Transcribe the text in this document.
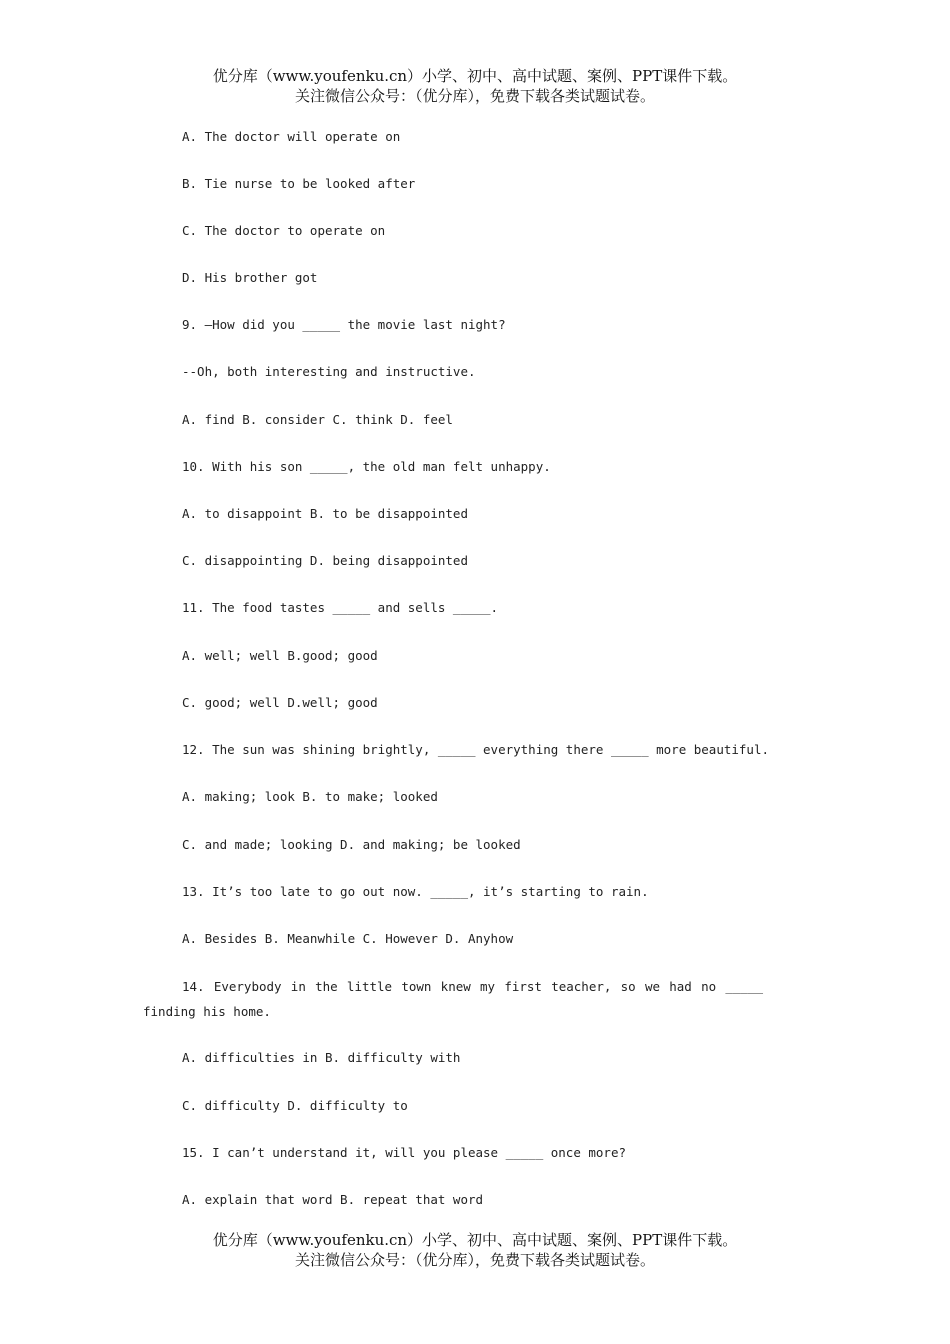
优分库（www.youfenku.cn）小学、初中、高中试题、案例、PPT课件下载。
关注微信公众号：（优分库），免费下载各类试题试卷。
A. The doctor will operate on
B. Tie nurse to be looked after
C. The doctor to operate on
D. His brother got
9. —How did you _____ the movie last night?
--Oh, both interesting and instructive.
A. find B. consider C. think D. feel
10. With his son _____, the old man felt unhappy.
A. to disappoint B. to be disappointed
C. disappointing D. being disappointed
11. The food tastes _____ and sells _____.
A. well; well B.good; good
C. good; well D.well; good
12. The sun was shining brightly, _____ everything there _____ more beautiful.
A. making; look B. to make; looked
C. and made; looking D. and making; be looked
13. It’s too late to go out now. _____, it’s starting to rain.
A. Besides B. Meanwhile C. However D. Anyhow
14. Everybody in the little town knew my first teacher, so we had no _____ finding his home.
A. difficulties in B. difficulty with
C. difficulty D. difficulty to
15. I can’t understand it, will you please _____ once more?
A. explain that word B. repeat that word
优分库（www.youfenku.cn）小学、初中、高中试题、案例、PPT课件下载。
关注微信公众号：（优分库），免费下载各类试题试卷。
